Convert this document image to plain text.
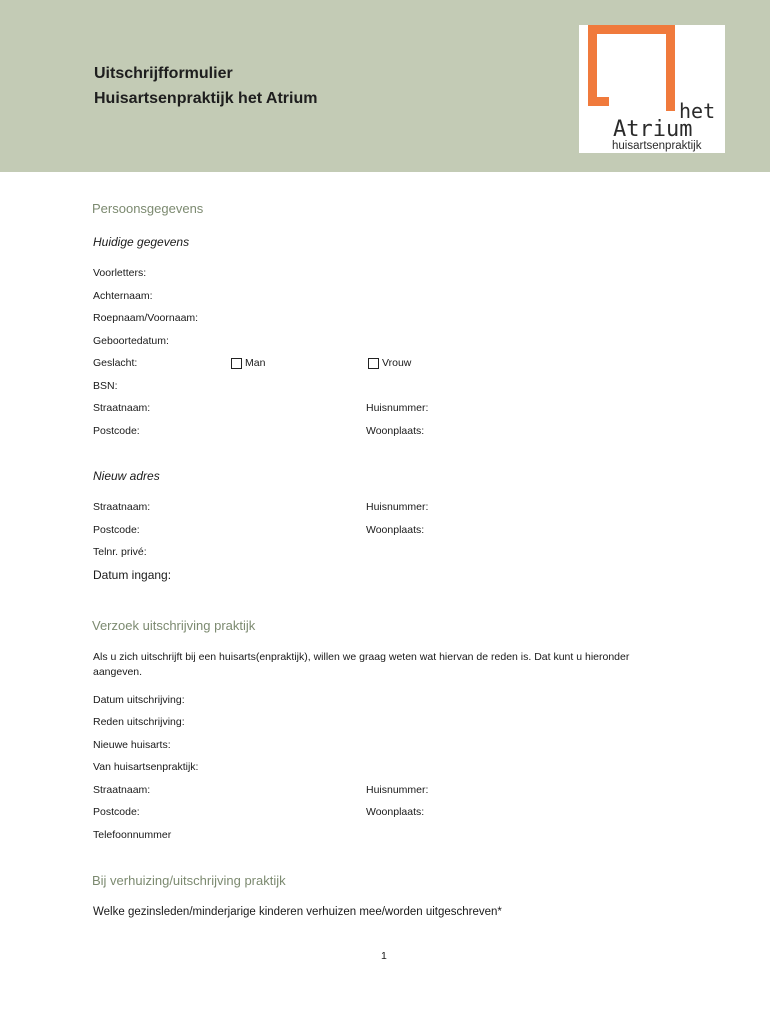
Uitschrijfformulier
Huisartsenpraktijk het Atrium
het
Atrium
huisartsenpraktijk
Persoonsgegevens
Huidige gegevens
Voorletters:
Achternaam:
Roepnaam/Voornaam:
Geboortedatum:
Geslacht:	Man	Vrouw
BSN:
Straatnaam:	Huisnummer:
Postcode:	Woonplaats:
Nieuw adres
Straatnaam:	Huisnummer:
Postcode:	Woonplaats:
Telnr. privé:
Datum ingang:
Verzoek uitschrijving praktijk
Als u zich uitschrijft bij een huisarts(enpraktijk), willen we graag weten wat hiervan de reden is. Dat kunt u hieronder aangeven.
Datum uitschrijving:
Reden uitschrijving:
Nieuwe huisarts:
Van huisartsenpraktijk:
Straatnaam:	Huisnummer:
Postcode:	Woonplaats:
Telefoonnummer
Bij verhuizing/uitschrijving praktijk
Welke gezinsleden/minderjarige kinderen verhuizen mee/worden uitgeschreven*
1
